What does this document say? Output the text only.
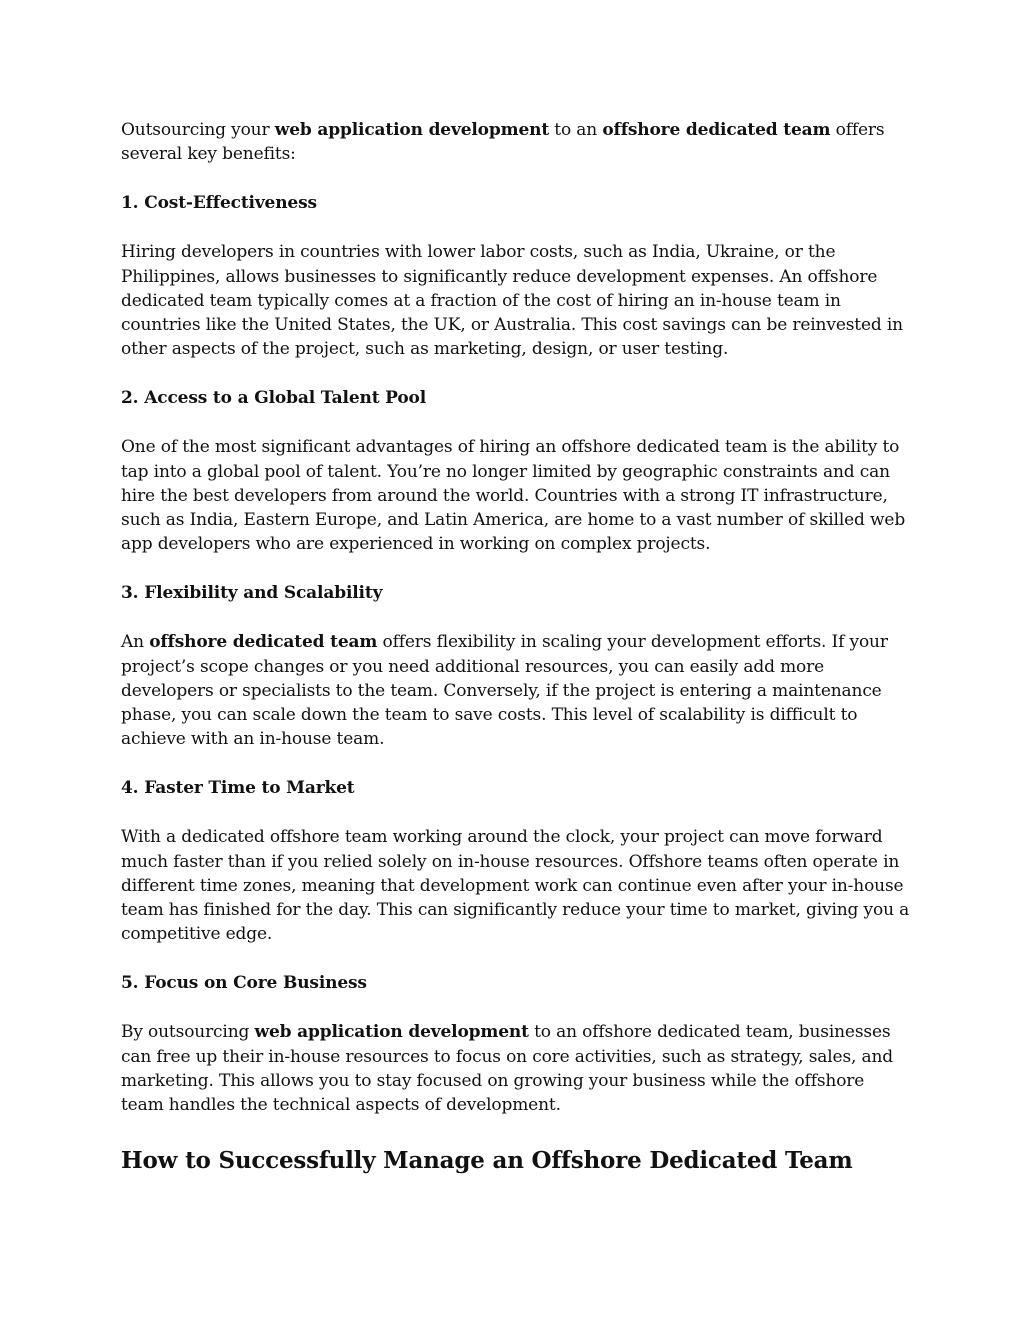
Outsourcing your web application development to an offshore dedicated team offers several key benefits:

1. Cost-Effectiveness

Hiring developers in countries with lower labor costs, such as India, Ukraine, or the Philippines, allows businesses to significantly reduce development expenses. An offshore dedicated team typically comes at a fraction of the cost of hiring an in-house team in countries like the United States, the UK, or Australia. This cost savings can be reinvested in other aspects of the project, such as marketing, design, or user testing.

2. Access to a Global Talent Pool

One of the most significant advantages of hiring an offshore dedicated team is the ability to tap into a global pool of talent. You’re no longer limited by geographic constraints and can hire the best developers from around the world. Countries with a strong IT infrastructure, such as India, Eastern Europe, and Latin America, are home to a vast number of skilled web app developers who are experienced in working on complex projects.

3. Flexibility and Scalability

An offshore dedicated team offers flexibility in scaling your development efforts. If your project’s scope changes or you need additional resources, you can easily add more developers or specialists to the team. Conversely, if the project is entering a maintenance phase, you can scale down the team to save costs. This level of scalability is difficult to achieve with an in-house team.

4. Faster Time to Market

With a dedicated offshore team working around the clock, your project can move forward much faster than if you relied solely on in-house resources. Offshore teams often operate in different time zones, meaning that development work can continue even after your in-house team has finished for the day. This can significantly reduce your time to market, giving you a competitive edge.

5. Focus on Core Business

By outsourcing web application development to an offshore dedicated team, businesses can free up their in-house resources to focus on core activities, such as strategy, sales, and marketing. This allows you to stay focused on growing your business while the offshore team handles the technical aspects of development.

How to Successfully Manage an Offshore Dedicated Team
